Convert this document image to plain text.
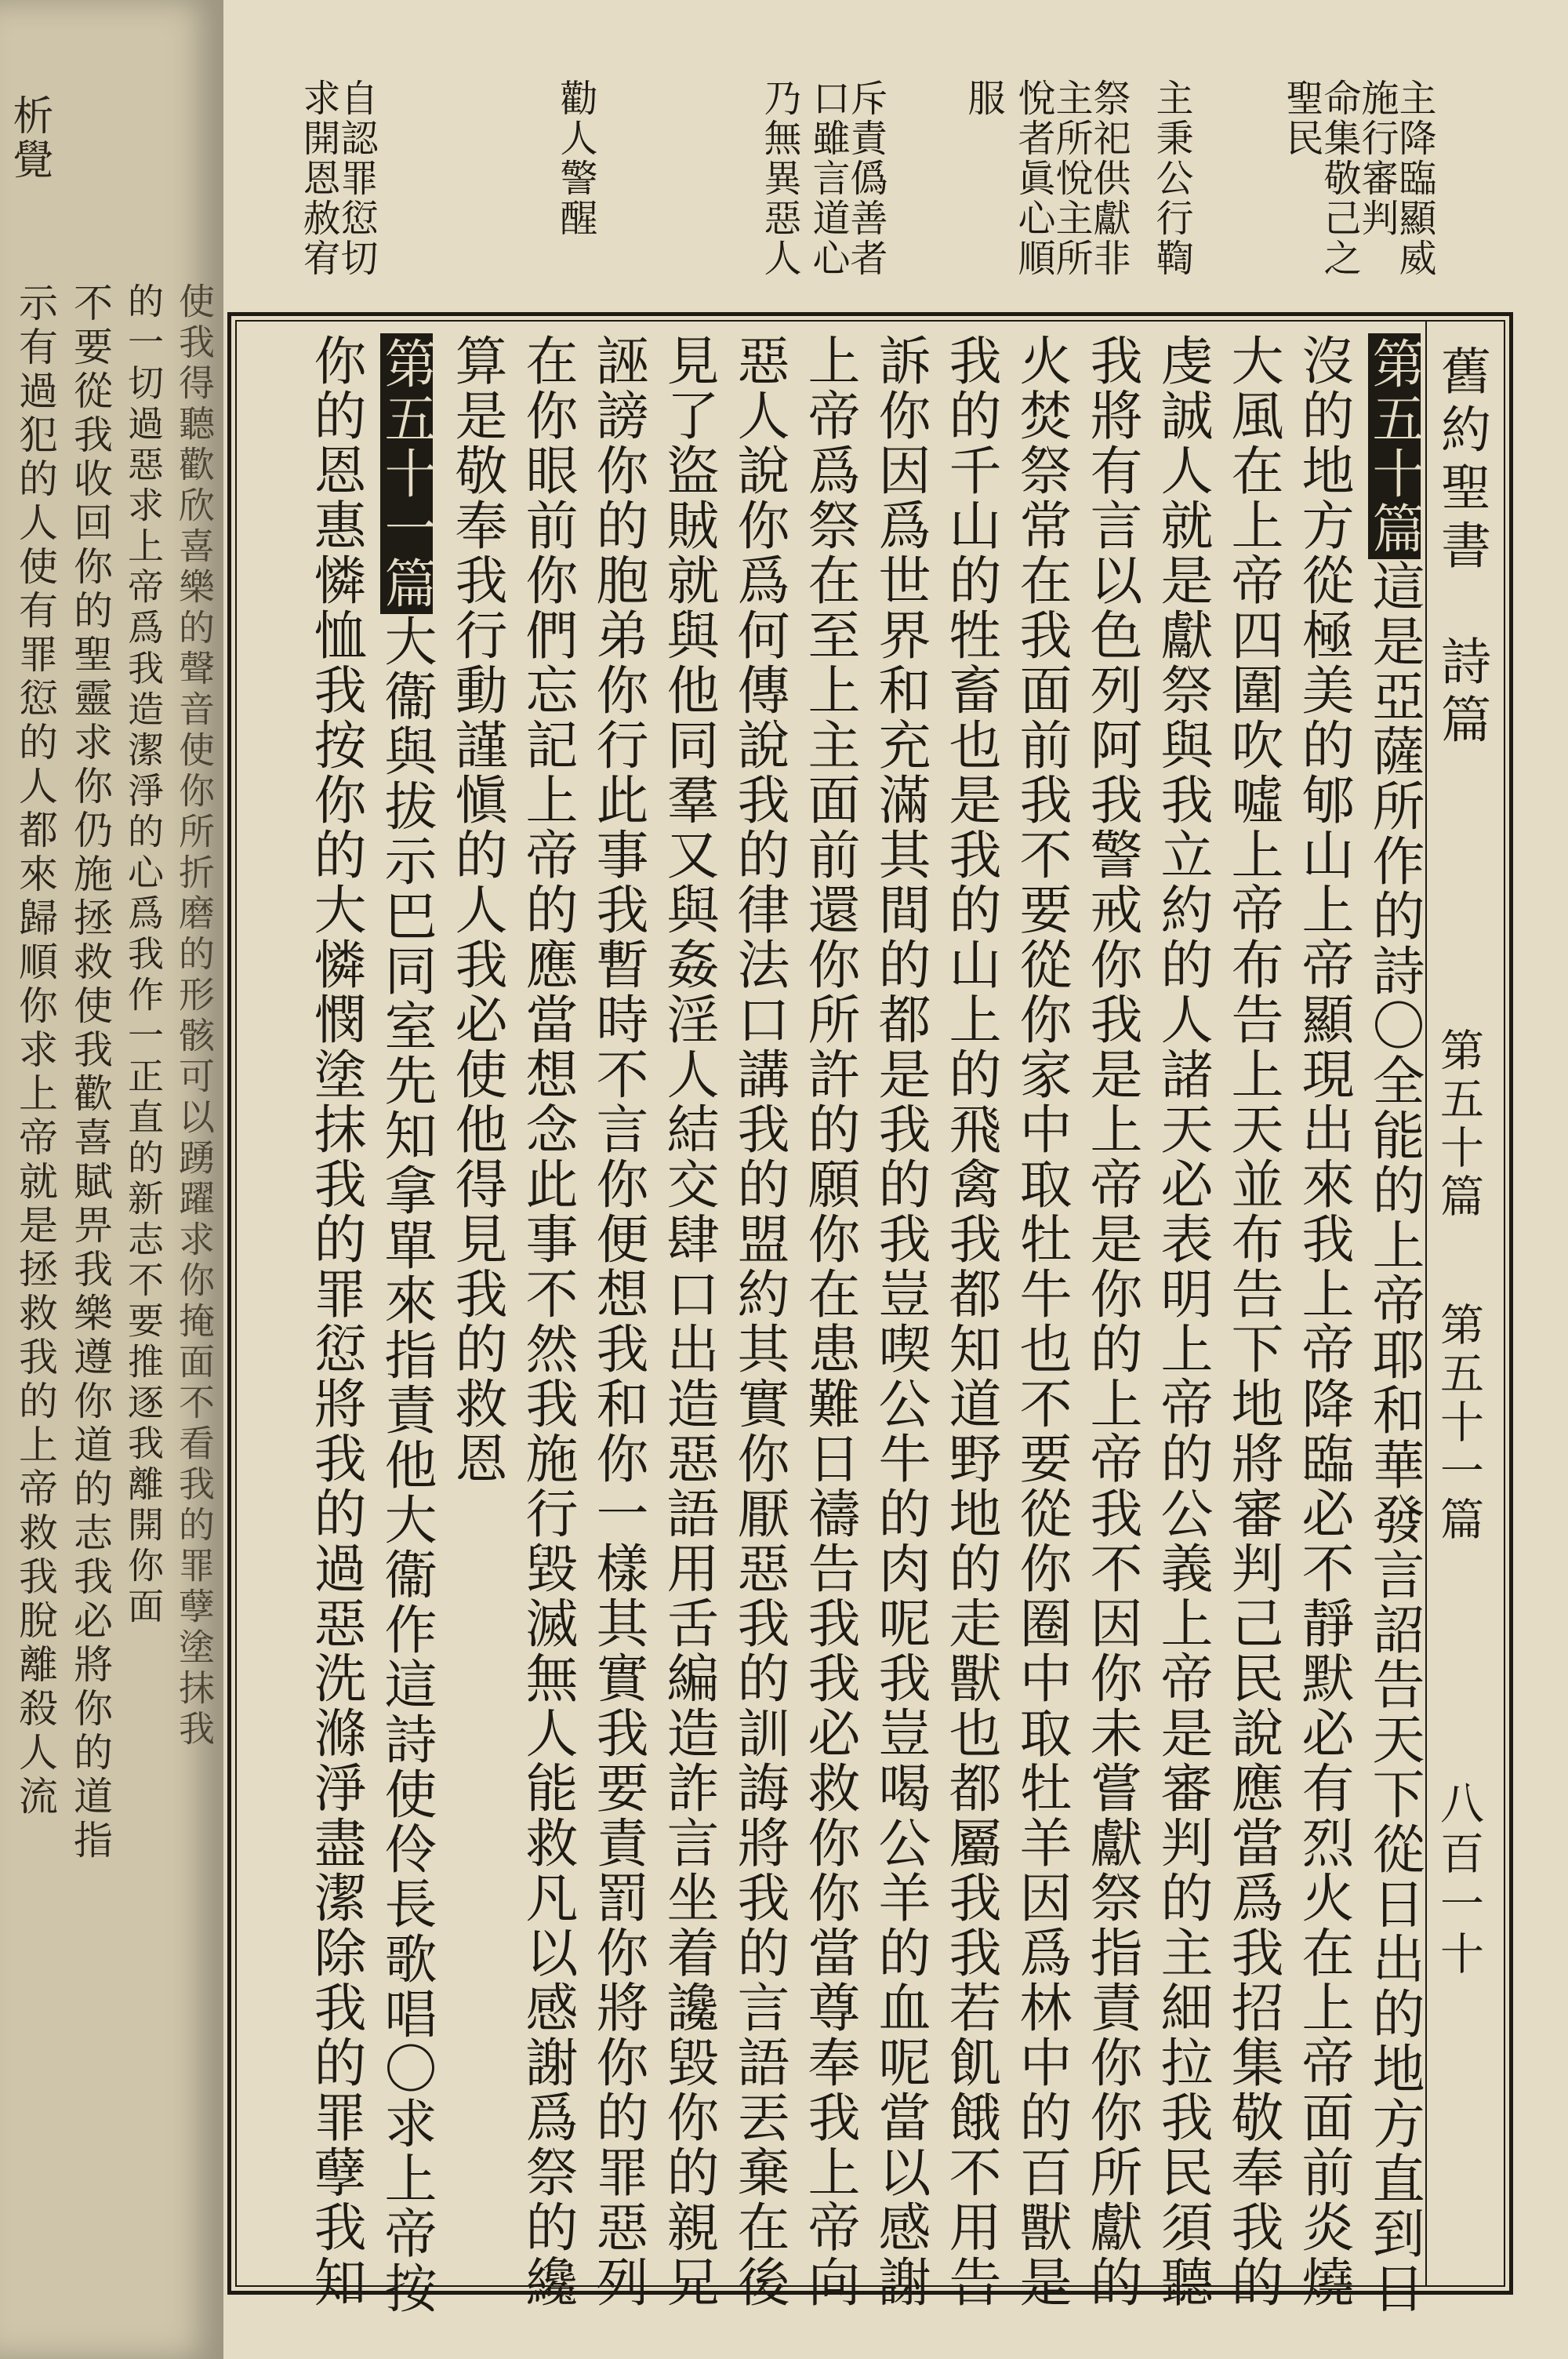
析覺
示有過犯的人使有罪愆的人都來歸順你求上帝就是拯救我的上帝救我脫離殺人流 不要從我收回你的聖靈求你仍施拯救使我歡喜賦畀我樂遵你道的志我必將你的道指 的一切過惡求上帝爲我造潔淨的心爲我作一正直的新志不要推逐我離開你面 使我得聽歡欣喜樂的聲音使你所折磨的形骸可以踴躍求你掩面不看我的罪孽塗抹我
主降臨顯威
施行審判
命集敬己之
聖民
主秉公行鞫
祭祀供獻非
主所悅主所
悅者眞心順
服
斥責僞善者
口雖言道心
乃無異惡人
勸人警醒
自認罪愆切
求開恩赦宥
舊約聖書
詩篇
第五十篇
第五十一篇
八百一十
第五十篇這是亞薩所作的詩〇全能的上帝耶和華發言詔告天下從日出的地方直到日
沒的地方從極美的郇山上帝顯現出來我上帝降臨必不靜默必有烈火在上帝面前炎燒
大風在上帝四圍吹噓上帝布告上天並布告下地將審判己民說應當爲我招集敬奉我的
虔誠人就是獻祭與我立約的人諸天必表明上帝的公義上帝是審判的主細拉我民須聽
我將有言以色列阿我警戒你我是上帝是你的上帝我不因你未嘗獻祭指責你你所獻的
火焚祭常在我面前我不要從你家中取牡牛也不要從你圈中取牡羊因爲林中的百獸是
我的千山的牲畜也是我的山上的飛禽我都知道野地的走獸也都屬我我若飢餓不用告
訴你因爲世界和充滿其間的都是我的我豈喫公牛的肉呢我豈喝公羊的血呢當以感謝
上帝爲祭在至上主面前還你所許的願你在患難日禱告我我必救你你當尊奉我上帝向
惡人說你爲何傳說我的律法口講我的盟約其實你厭惡我的訓誨將我的言語丟棄在後
見了盜賊就與他同羣又與姦淫人結交肆口出造惡語用舌編造詐言坐着讒毀你的親兄
誣謗你的胞弟你行此事我暫時不言你便想我和你一樣其實我要責罰你將你的罪惡列
在你眼前你們忘記上帝的應當想念此事不然我施行毀滅無人能救凡以感謝爲祭的纔
算是敬奉我行動謹愼的人我必使他得見我的救恩
第五十一篇大衞與拔示巴同室先知拿單來指責他大衞作這詩使伶長歌唱〇求上帝按
你的恩惠憐恤我按你的大憐憫塗抹我的罪愆將我的過惡洗滌淨盡潔除我的罪孽我知
